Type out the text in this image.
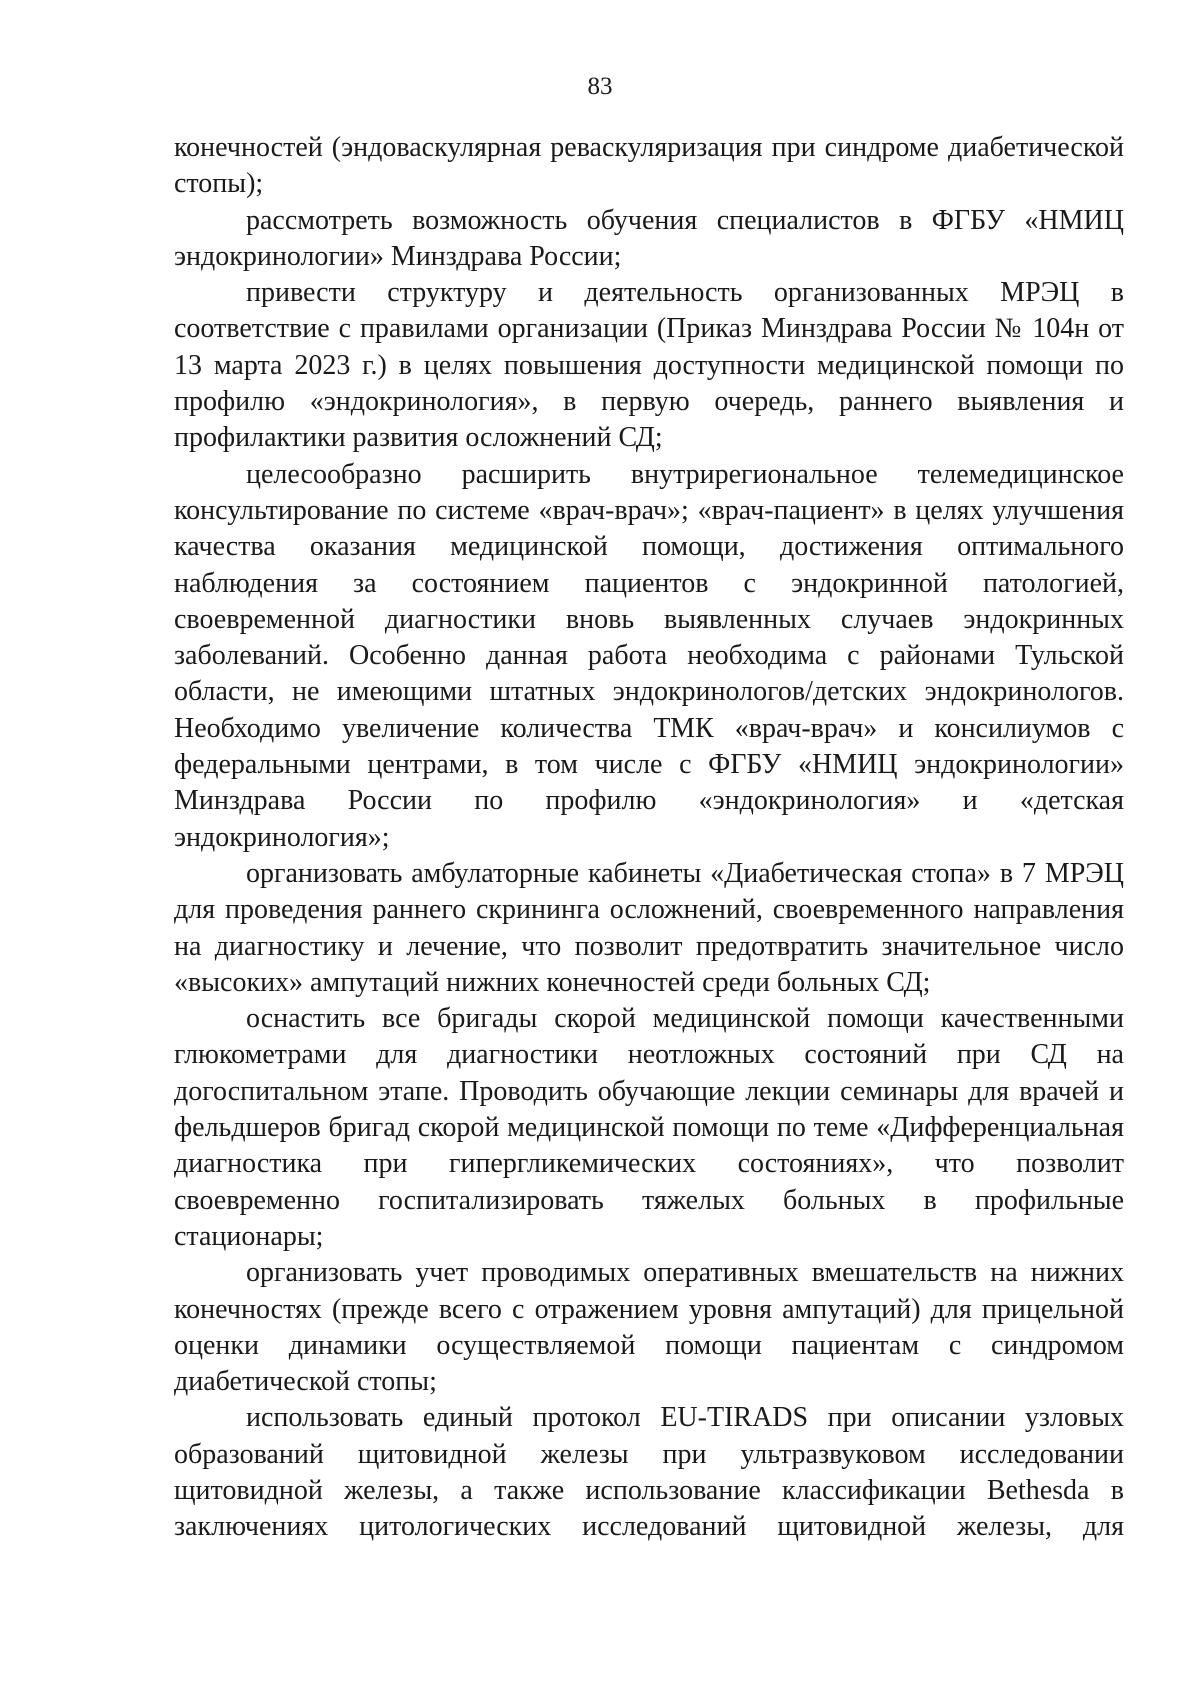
83

конечностей (эндоваскулярная реваскуляризация при синдроме диабетической стопы);

рассмотреть возможность обучения специалистов в ФГБУ «НМИЦ эндокринологии» Минздрава России;

привести структуру и деятельность организованных МРЭЦ в соответствие с правилами организации (Приказ Минздрава России № 104н от 13 марта 2023 г.) в целях повышения доступности медицинской помощи по профилю «эндокринология», в первую очередь, раннего выявления и профилактики развития осложнений СД;

целесообразно расширить внутрирегиональное телемедицинское консультирование по системе «врач-врач»; «врач-пациент» в целях улучшения качества оказания медицинской помощи, достижения оптимального наблюдения за состоянием пациентов с эндокринной патологией, своевременной диагностики вновь выявленных случаев эндокринных заболеваний. Особенно данная работа необходима с районами Тульской области, не имеющими штатных эндокринологов/детских эндокринологов. Необходимо увеличение количества ТМК «врач-врач» и консилиумов с федеральными центрами, в том числе с ФГБУ «НМИЦ эндокринологии» Минздрава России по профилю «эндокринология» и «детская эндокринология»;

организовать амбулаторные кабинеты «Диабетическая стопа» в 7 МРЭЦ для проведения раннего скрининга осложнений, своевременного направления на диагностику и лечение, что позволит предотвратить значительное число «высоких» ампутаций нижних конечностей среди больных СД;

оснастить все бригады скорой медицинской помощи качественными глюкометрами для диагностики неотложных состояний при СД на догоспитальном этапе. Проводить обучающие лекции семинары для врачей и фельдшеров бригад скорой медицинской помощи по теме «Дифференциальная диагностика при гипергликемических состояниях», что позволит своевременно госпитализировать тяжелых больных в профильные стационары;

организовать учет проводимых оперативных вмешательств на нижних конечностях (прежде всего с отражением уровня ампутаций) для прицельной оценки динамики осуществляемой помощи пациентам с синдромом диабетической стопы;

использовать единый протокол EU-TIRADS при описании узловых образований щитовидной железы при ультразвуковом исследовании щитовидной железы, а также использование классификации Bethesda в заключениях цитологических исследований щитовидной железы, для
